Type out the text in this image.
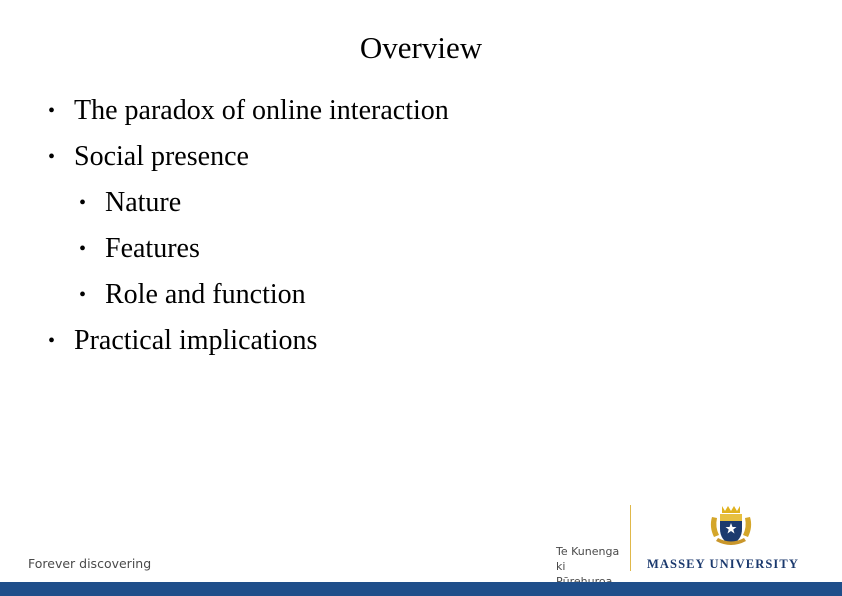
Overview
• The paradox of online interaction
• Social presence
• Nature
• Features
• Role and function
• Practical implications
Forever discovering
Te Kunenga
ki	MASSEY UNIVERSITY
